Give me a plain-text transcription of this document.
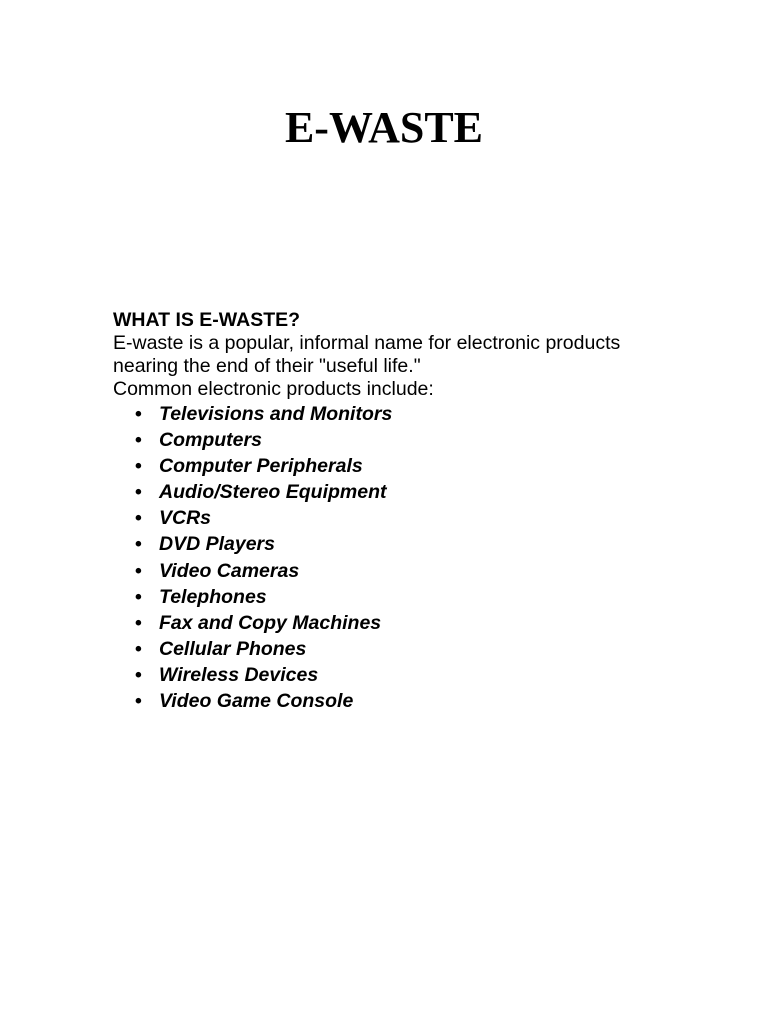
E-WASTE

WHAT IS E-WASTE?

E-waste is a popular, informal name for electronic products

nearing the end of their "useful life."

Common electronic products include:

• Televisions and Monitors
• Computers
• Computer Peripherals
• Audio/Stereo Equipment
• VCRs
• DVD Players
• Video Cameras
• Telephones
• Fax and Copy Machines
• Cellular Phones
• Wireless Devices
• Video Game Console
